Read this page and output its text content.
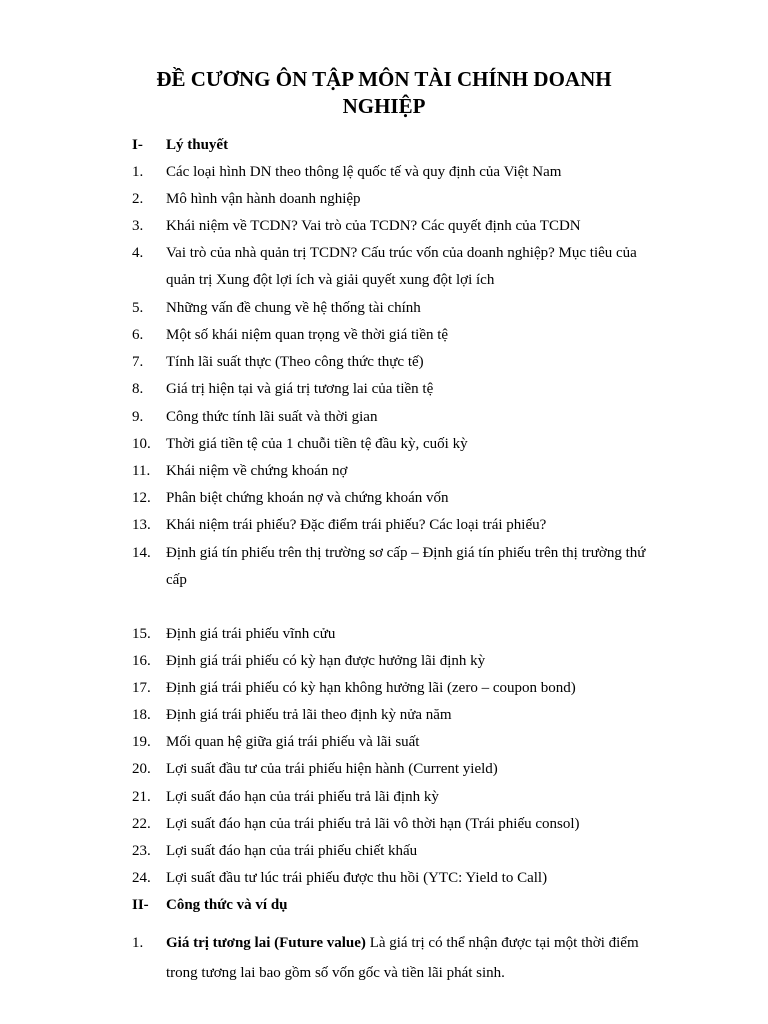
ĐỀ CƯƠNG ÔN TẬP MÔN TÀI CHÍNH DOANH
NGHIỆP
I- Lý thuyết
1. Các loại hình DN theo thông lệ quốc tế và quy định của Việt Nam
2. Mô hình vận hành doanh nghiệp
3. Khái niệm về TCDN? Vai trò của TCDN? Các quyết định của TCDN
4. Vai trò của nhà quản trị TCDN? Cấu trúc vốn của doanh nghiệp? Mục tiêu của
quản trị Xung đột lợi ích và giải quyết xung đột lợi ích
5. Những vấn đề chung về hệ thống tài chính
6. Một số khái niệm quan trọng về thời giá tiền tệ
7. Tính lãi suất thực (Theo công thức thực tế)
8. Giá trị hiện tại và giá trị tương lai của tiền tệ
9. Công thức tính lãi suất và thời gian
10. Thời giá tiền tệ của 1 chuỗi tiền tệ đầu kỳ, cuối kỳ
11. Khái niệm về chứng khoán nợ
12. Phân biệt chứng khoán nợ và chứng khoán vốn
13. Khái niệm trái phiếu? Đặc điểm trái phiếu? Các loại trái phiếu?
14. Định giá tín phiếu trên thị trường sơ cấp – Định giá tín phiếu trên thị trường thứ
cấp
15. Định giá trái phiếu vĩnh cửu
16. Định giá trái phiếu có kỳ hạn được hưởng lãi định kỳ
17. Định giá trái phiếu có kỳ hạn không hưởng lãi (zero – coupon bond)
18. Định giá trái phiếu trả lãi theo định kỳ nửa năm
19. Mối quan hệ giữa giá trái phiếu và lãi suất
20. Lợi suất đầu tư của trái phiếu hiện hành (Current yield)
21. Lợi suất đáo hạn của trái phiếu trả lãi định kỳ
22. Lợi suất đáo hạn của trái phiếu trả lãi vô thời hạn (Trái phiếu consol)
23. Lợi suất đáo hạn của trái phiếu chiết khấu
24. Lợi suất đầu tư lúc trái phiếu được thu hồi (YTC: Yield to Call)
II- Công thức và ví dụ
1. Giá trị tương lai (Future value) Là giá trị có thể nhận được tại một thời điểm
trong tương lai bao gồm số vốn gốc và tiền lãi phát sinh.
